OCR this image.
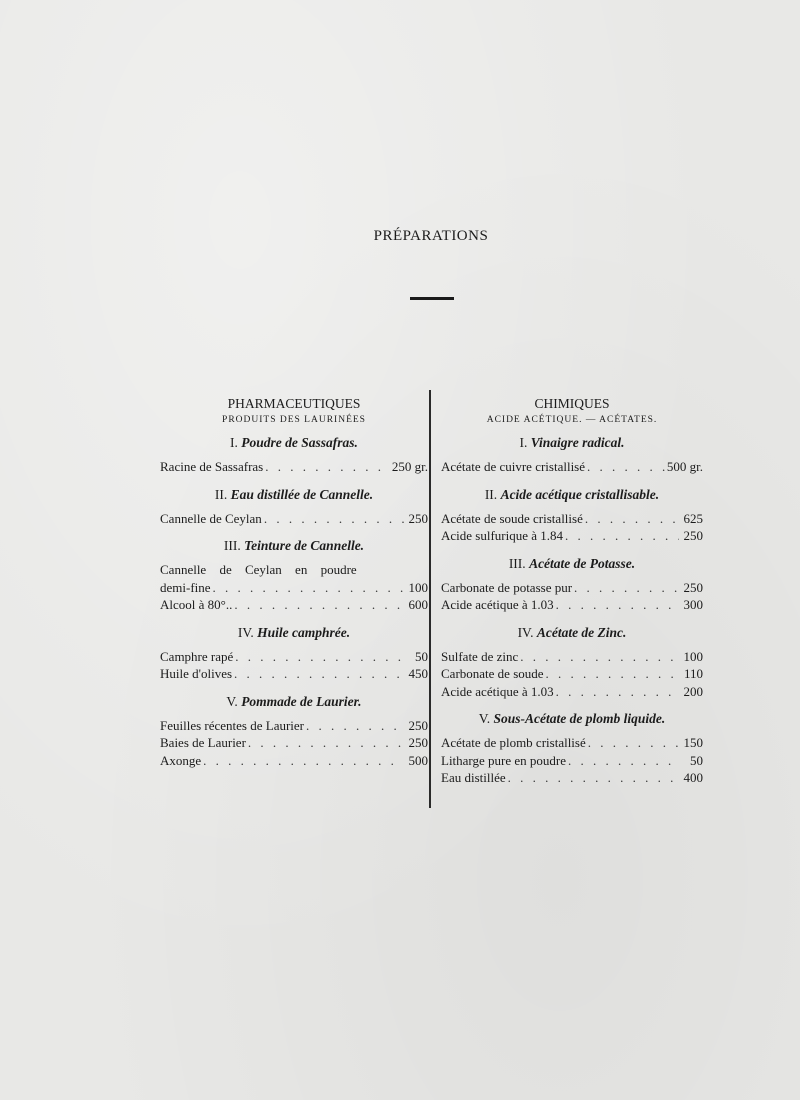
PRÉPARATIONS
PHARMACEUTIQUES
PRODUITS DES LAURINÉES
I. Poudre de Sassafras.
Racine de Sassafras . . .	250 gr.
II. Eau distillée de Cannelle.
Cannelle de Ceylan . . .	250
III. Teinture de Cannelle.
Cannelle de Ceylan en poudre
demi-fine . . .	100
Alcool à 80°.. . . .	600
IV. Huile camphrée.
Camphre rapé . . .	50
Huile d'olives . . .	450
V. Pommade de Laurier.
Feuilles récentes de Laurier . . .	250
Baies de Laurier . . .	250
Axonge . . .	500
CHIMIQUES
ACIDE ACÉTIQUE. — ACÉTATES.
I. Vinaigre radical.
Acétate de cuivre cristallisé . . .	500 gr.
II. Acide acétique cristallisable.
Acétate de soude cristallisé . . .	625
Acide sulfurique à 1.84 . . .	250
III. Acétate de Potasse.
Carbonate de potasse pur . . .	250
Acide acétique à 1.03 . . .	300
IV. Acétate de Zinc.
Sulfate de zinc . . .	100
Carbonate de soude . . .	110
Acide acétique à 1.03 . . .	200
V. Sous-Acétate de plomb liquide.
Acétate de plomb cristallisé . . .	150
Litharge pure en poudre . . .	50
Eau distillée . . .	400
